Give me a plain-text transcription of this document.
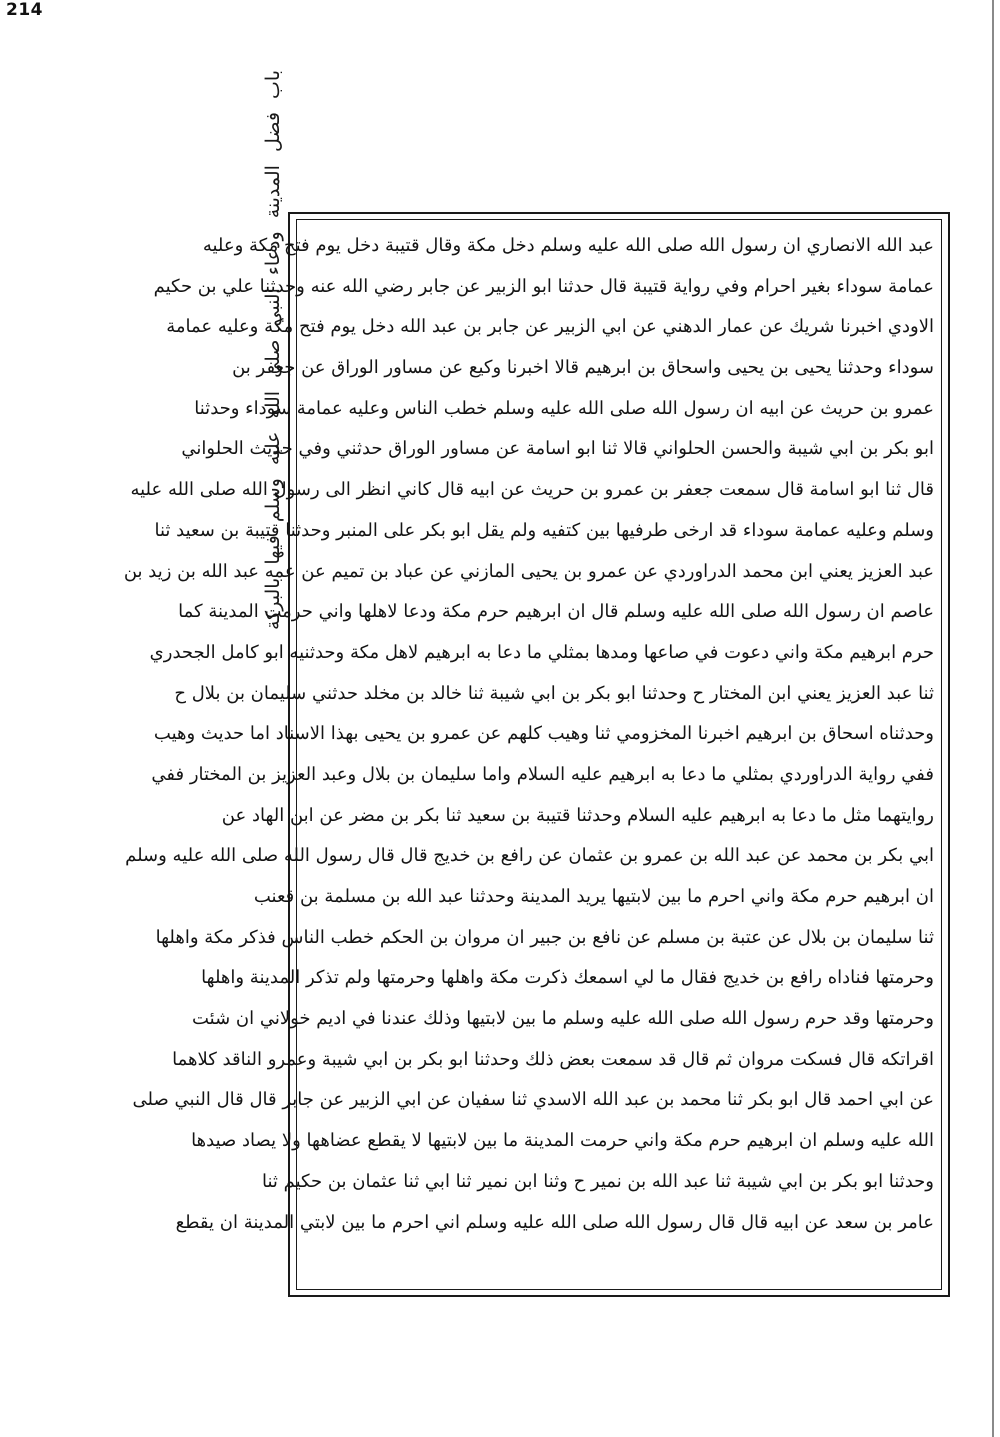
214
باب فضل المدينة ودعاء النبي صلى الله عليه وسلم فيها بالبركة
عبد الله الانصاري ان رسول الله صلى الله عليه وسلم دخل مكة وقال قتيبة دخل يوم فتح مكة وعليه
عمامة سوداء بغير احرام وفي رواية قتيبة قال حدثنا ابو الزبير عن جابر رضي الله عنه وحدثنا علي بن حكيم
الاودي اخبرنا شريك عن عمار الدهني عن ابي الزبير عن جابر بن عبد الله دخل يوم فتح مكة وعليه عمامة
سوداء وحدثنا يحيى بن يحيى واسحاق بن ابرهيم قالا اخبرنا وكيع عن مساور الوراق عن جعفر بن
عمرو بن حريث عن ابيه ان رسول الله صلى الله عليه وسلم خطب الناس وعليه عمامة سوداء وحدثنا
ابو بكر بن ابي شيبة والحسن الحلواني قالا ثنا ابو اسامة عن مساور الوراق حدثني وفي حديث الحلواني
قال ثنا ابو اسامة قال سمعت جعفر بن عمرو بن حريث عن ابيه قال كاني انظر الى رسول الله صلى الله عليه
وسلم وعليه عمامة سوداء قد ارخى طرفيها بين كتفيه ولم يقل ابو بكر على المنبر وحدثنا قتيبة بن سعيد ثنا
عبد العزيز يعني ابن محمد الدراوردي عن عمرو بن يحيى المازني عن عباد بن تميم عن عمه عبد الله بن زيد بن
عاصم ان رسول الله صلى الله عليه وسلم قال ان ابرهيم حرم مكة ودعا لاهلها واني حرمت المدينة كما
حرم ابرهيم مكة واني دعوت في صاعها ومدها بمثلي ما دعا به ابرهيم لاهل مكة وحدثنيه ابو كامل الجحدري
ثنا عبد العزيز يعني ابن المختار ح وحدثنا ابو بكر بن ابي شيبة ثنا خالد بن مخلد حدثني سليمان بن بلال ح
وحدثناه اسحاق بن ابرهيم اخبرنا المخزومي ثنا وهيب كلهم عن عمرو بن يحيى بهذا الاسناد اما حديث وهيب
ففي رواية الدراوردي بمثلي ما دعا به ابرهيم عليه السلام واما سليمان بن بلال وعبد العزيز بن المختار ففي
روايتهما مثل ما دعا به ابرهيم عليه السلام وحدثنا قتيبة بن سعيد ثنا بكر بن مضر عن ابن الهاد عن
ابي بكر بن محمد عن عبد الله بن عمرو بن عثمان عن رافع بن خديج قال قال رسول الله صلى الله عليه وسلم
ان ابرهيم حرم مكة واني احرم ما بين لابتيها يريد المدينة وحدثنا عبد الله بن مسلمة بن قعنب
ثنا سليمان بن بلال عن عتبة بن مسلم عن نافع بن جبير ان مروان بن الحكم خطب الناس فذكر مكة واهلها
وحرمتها فناداه رافع بن خديج فقال ما لي اسمعك ذكرت مكة واهلها وحرمتها ولم تذكر المدينة واهلها
وحرمتها وقد حرم رسول الله صلى الله عليه وسلم ما بين لابتيها وذلك عندنا في اديم خولاني ان شئت
اقراتكه قال فسكت مروان ثم قال قد سمعت بعض ذلك وحدثنا ابو بكر بن ابي شيبة وعمرو الناقد كلاهما
عن ابي احمد قال ابو بكر ثنا محمد بن عبد الله الاسدي ثنا سفيان عن ابي الزبير عن جابر قال قال النبي صلى
الله عليه وسلم ان ابرهيم حرم مكة واني حرمت المدينة ما بين لابتيها لا يقطع عضاهها ولا يصاد صيدها
وحدثنا ابو بكر بن ابي شيبة ثنا عبد الله بن نمير ح وثنا ابن نمير ثنا ابي ثنا عثمان بن حكيم ثنا
عامر بن سعد عن ابيه قال قال رسول الله صلى الله عليه وسلم اني احرم ما بين لابتي المدينة ان يقطع
